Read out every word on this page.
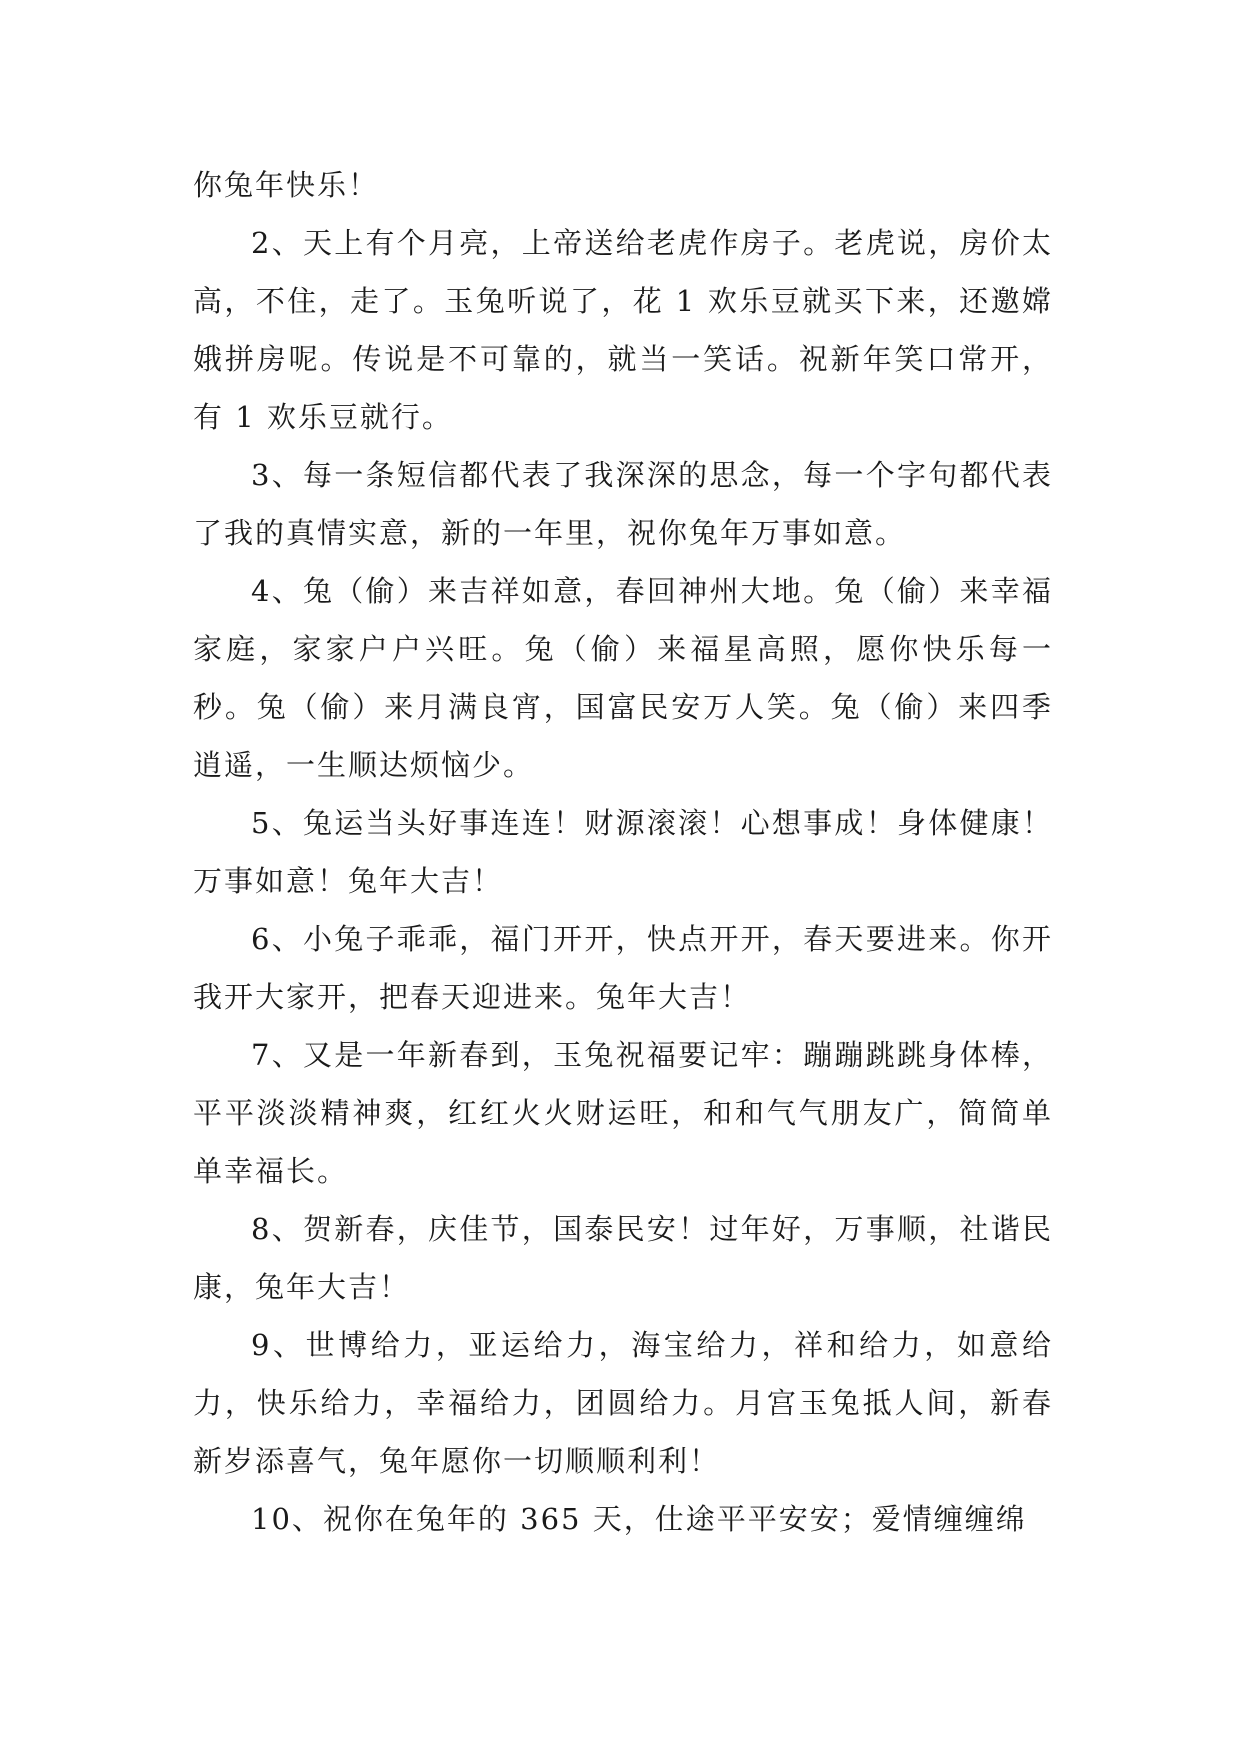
你兔年快乐！

2、天上有个月亮，上帝送给老虎作房子。老虎说，房价太高，不住，走了。玉兔听说了，花 1 欢乐豆就买下来，还邀嫦娥拼房呢。传说是不可靠的，就当一笑话。祝新年笑口常开，有 1 欢乐豆就行。

3、每一条短信都代表了我深深的思念，每一个字句都代表了我的真情实意，新的一年里，祝你兔年万事如意。

4、兔（偷）来吉祥如意，春回神州大地。兔（偷）来幸福家庭，家家户户兴旺。兔（偷）来福星高照，愿你快乐每一秒。兔（偷）来月满良宵，国富民安万人笑。兔（偷）来四季逍遥，一生顺达烦恼少。

5、兔运当头好事连连！财源滚滚！心想事成！身体健康！万事如意！兔年大吉！

6、小兔子乖乖，福门开开，快点开开，春天要进来。你开我开大家开，把春天迎进来。兔年大吉！

7、又是一年新春到，玉兔祝福要记牢：蹦蹦跳跳身体棒，平平淡淡精神爽，红红火火财运旺，和和气气朋友广，简简单单幸福长。

8、贺新春，庆佳节，国泰民安！过年好，万事顺，社谐民康，兔年大吉！

9、世博给力，亚运给力，海宝给力，祥和给力，如意给力，快乐给力，幸福给力，团圆给力。月宫玉兔抵人间，新春新岁添喜气，兔年愿你一切顺顺利利！

10、祝你在兔年的 365 天，仕途平平安安；爱情缠缠绵
